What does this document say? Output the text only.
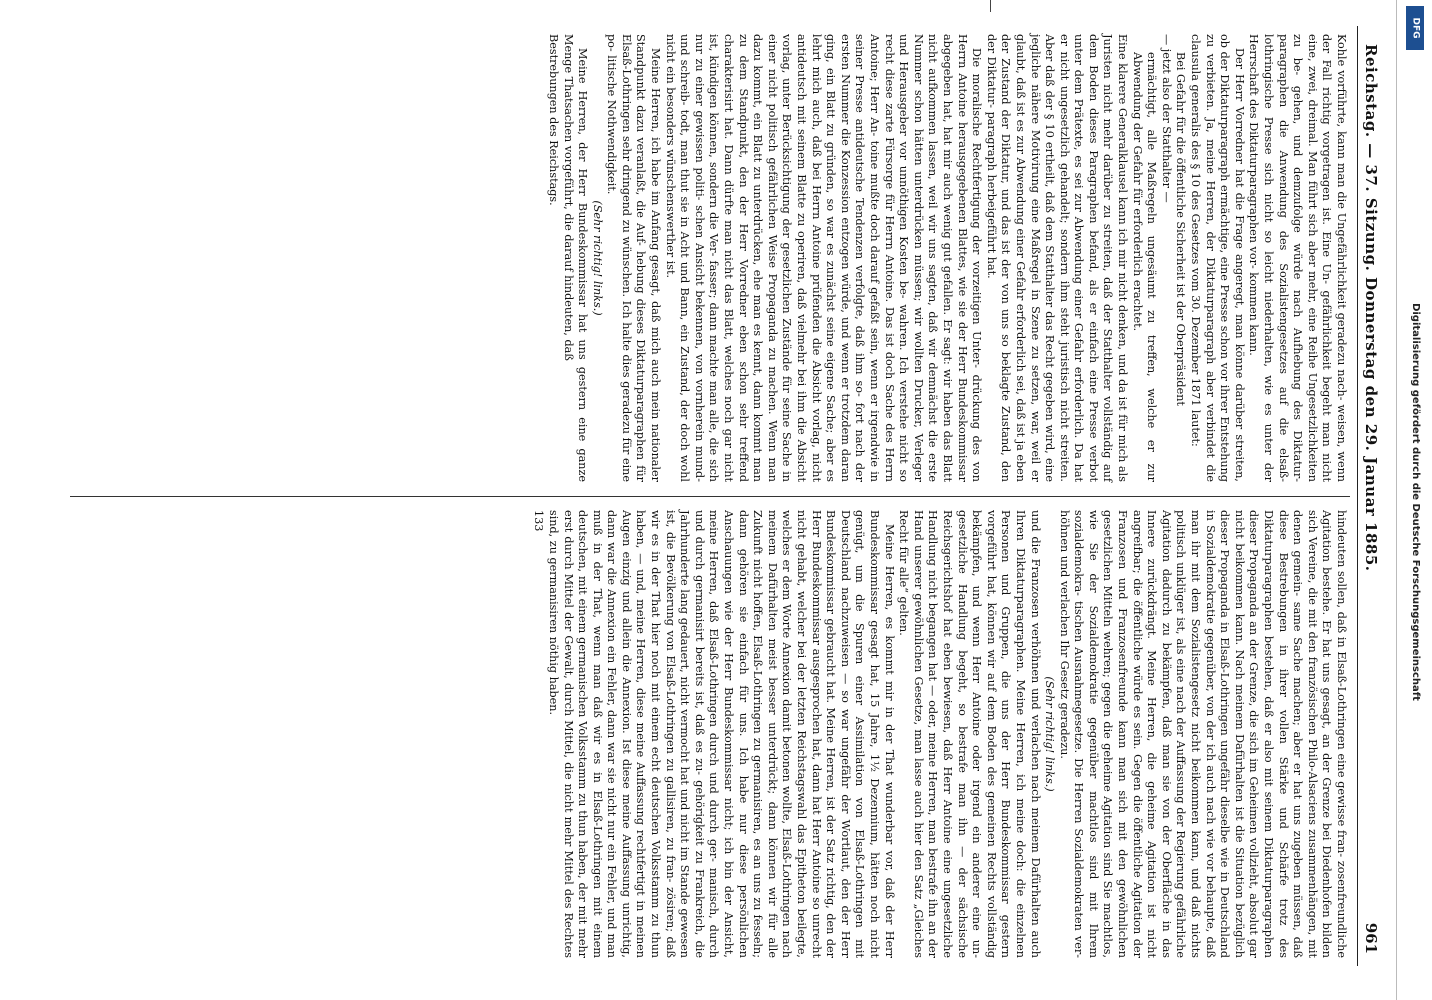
Reichstag. — 37. Sitzung. Donnerstag den 29. Januar 1885.
961

Kohle vorführte, kann man die Ungefährlichkeit geradezu nach- weisen, wenn der Fall richtig vorgetragen ist. Eine Un- gefährlichkeit begeht man nicht eine, zwei, dreimal. Man führt sich aber mehr, eine Reihe Ungesetzlichkeiten zu be- gehen, und demzufolge würde nach Aufhebung des Diktatur- paragraphen die Anwendung des Sozialistengesetzes auf die elsaß-lothringische Presse sich nicht so leicht niederhalten, wie es unter der Herrschaft des Diktaturparagraphen vor- kommen kann.

Der Herr Vorredner hat die Frage angeregt, man könne darüber streiten, ob der Diktaturparagraph ermächtige, eine Presse schon vor ihrer Entstehung zu verbieten. Ja, meine Herren, der Diktaturparagraph aber verbindet die clausula generalis des § 10 des Gesetzes vom 30. Dezember 1871 lautet:

Bei Gefahr für die öffentliche Sicherheit ist der Oberpräsident

— jetzt also der Statthalter —

ermächtigt, alle Maßregeln ungesäumt zu treffen, welche er zur Abwendung der Gefahr für erforderlich erachtet.

Eine klarere Generalklausel kann ich mir nicht denken, und da ist für mich als Juristen nicht mehr darüber zu streiten, daß der Statthalter vollständig auf dem Boden dieses Paragraphen befand, als er einfach eine Presse verbot unter dem Prätexte, es sei zur Abwendung einer Gefahr erforderlich. Da hat er nicht ungesetzlich gehandelt; sondern ihm steht juristisch nicht streiten. Aber daß der § 10 ertheilt, daß dem Statthalter das Recht gegeben wird, eine jegliche nähere Motivirung eine Maßregel in Szene zu setzen, war, weil er glaubt, daß ist es zur Abwendung einer Gefahr erforderlich sei, daß ist ja eben der Zustand der Diktatur, und das ist der von uns so beklagte Zustand, den der Diktatur- paragraph herbeigeführt hat.

Die moralische Rechtfertigung der vorzeitigen Unter- drückung des von Herrn Antoine herausgegebenen Blattes, wie sie der Herr Bundeskommissar abgegeben hat, hat mir auch wenig gut gefallen. Er sagt: wir haben das Blatt nicht aufkommen lassen, weil wir uns sagten, daß wir demnächst die erste Nummer schon hätten unterdrücken müssen; wir wollten Drucker, Verleger und Herausgeber vor unnöthigen Kosten be- wahren. Ich verstehe nicht so recht diese zarte Fürsorge für Herrn Antoine. Das ist doch Sache des Herrn Antoine; Herr An- toine mußte doch darauf gefaßt sein, wenn er irgendwie in seiner Presse antideutsche Tendenzen verfolgte, daß ihm so- fort nach der ersten Nummer die Konzession entzogen würde, und wenn er trotzdem daran ging, ein Blatt zu gründen, so war es zunächst seine eigene Sache; aber es lehrt mich auch, daß bei Herrn Antoine prüfenden die Absicht vorlag, nicht antideutsch mit seinem Blatte zu operiren, daß vielmehr bei ihm die Absicht vorlag, unter Berücksichtigung der gesetzlichen Zustände für seine Sache in einer nicht politisch gefährlichen Weise Propaganda zu machen. Wenn man dazu kommt, ein Blatt zu unterdrücken, ehe man es kennt, dann kommt man zu dem Standpunkt, den der Herr Vorredner eben schon sehr treffend charakterisirt hat. Dann dürfte man nicht das Blatt, welches noch gar nicht ist, kündigen können, sondern die Ver- fasser; dann machte man alle, die sich nur zu einer gewissen politi- schen Ansicht bekennen, von vornherein mund- und schreib- todt, man thut sie in Acht und Bann, ein Zustand, der doch wohl nicht ein besonders wünschenswerther ist.

Meine Herren, ich habe im Anfang gesagt, daß mich auch mein nationaler Standpunkt dazu veranlaßt, die Auf- hebung dieses Diktaturparagraphen für Elsaß-Lothringen sehr dringend zu wünschen. Ich halte dies geradezu für eine po- litische Nothwendigkeit.

(Sehr richtig! links.)

Meine Herren, der Herr Bundeskommissar hat uns gestern eine ganze Menge Thatsachen vorgeführt, die darauf hindeuten, daß

Bestrebungen des Reichstags.

hindeuten sollen, daß in Elsaß-Lothringen eine gewisse fran- zosenfreundliche Agitation bestehe. Er hat uns gesagt, an der Grenze bei Diedenhofen bilden sich Vereine, die mit den französischen Philo-Alsaciens zusammenhängen, mit denen gemein- same Sache machen; aber er hat uns zugeben müssen, daß diese Bestrebungen in ihrer vollen Stärke und Schärfe trotz des Diktaturparagraphen bestehen, daß er also mit seinem Diktaturparagraphen dieser Propaganda an der Grenze, die sich im Geheimen vollzieht, absolut gar nicht beikommen kann. Nach meinem Dafürhalten ist die Situation bezüglich dieser Propaganda in Elsaß-Lothringen ungefähr dieselbe wie in Deutschland in Sozialdemokratie gegenüber, von der ich auch nach wie vor behaupte, daß man ihr mit dem Sozialistengesetz nicht beikommen kann, und daß nichts politisch unklüger ist, als eine nach der Auffassung der Regierung gefährliche Agitation dadurch zu bekämpfen, daß man sie von der Oberfläche in das Innere zurückdrängt. Meine Herren, die geheime Agitation ist nicht angreifbar; die öffentliche würde es sein. Gegen die öffentliche Agitation der Franzosen und Franzosenfreunde kann man sich mit den gewöhnlichen gesetzlichen Mitteln wehren; gegen die geheime Agitation sind Sie machtlos, wie Sie der Sozialdemokratie gegenüber machtlos sind mit Ihrem sozialdemokra- tischen Ausnahmegesetze. Die Herren Sozialdemokraten ver- höhnen und verlachen Ihr Gesetz geradezu.

(Sehr richtig! links.)

und die Franzosen verhöhnen und verlachen nach meinem Dafürhalten auch Ihren Diktaturparagraphen. Meine Herren, ich meine doch: die einzelnen Personen und Gruppen, die uns der Herr Bundeskommissar gestern vorgeführt hat, können wir auf dem Boden des gemeinen Rechts vollständig bekämpfen, und wenn Herr Antoine oder irgend ein anderer eine un- gesetzliche Handlung begeht, so bestrafe man ihn — der sächsische Reichsgerichtshof hat eben bewiesen, daß Herr Antoine eine ungesetzliche Handlung nicht begangen hat — oder, meine Herren, man bestrafe ihn an der Hand unserer gewöhnlichen Gesetze, man lasse auch hier den Satz „Gleiches Recht für alle“ gelten.

Meine Herren, es kommt mir in der That wunderbar vor, daß der Herr Bundeskommissar gesagt hat, 15 Jahre, 1½ Dezennium, hätten noch nicht genügt, um die Spuren einer Assimilation von Elsaß-Lothringen mit Deutschland nachzuweisen — so war ungefähr der Wortlaut, den der Herr Bundeskommissar gebraucht hat. Meine Herren, ist der Satz richtig, den der Herr Bundeskommissar ausgesprochen hat, dann hat Herr Antoine so unrecht nicht gehabt, welcher bei der letzten Reichstagswahl das Epitheton beilegte, welches er dem Worte Annexion damit betonen wollte, Elsaß-Lothringen nach meinem Dafürhalten meist besser unterdrückt; dann können wir für alle Zukunft nicht hoffen, Elsaß-Lothringen zu germanisiren, es an uns zu fesseln; dann gehören sie einfach für uns. Ich habe nur diese persönlichen Anschauungen wie der Herr Bundeskommissar nicht; ich bin der Ansicht, meine Herren, daß Elsaß-Lothringen durch und durch ger- manisch, durch und durch germanisirt bereits ist, daß es zu- gehörigkeit zu Frankreich, die Jahrhunderte lang gedauert, nicht vermocht hat und nicht im Stande gewesen ist, die Bevölkerung von Elsaß-Lothringen zu gallisiren, zu fran- zösiren; daß wir es in der That hier noch mit einem echt deutschen Volksstamm zu thun haben, — und, meine Herren, diese meine Auffassung rechtfertigt in meinen Augen einzig und allein die Annexion. Ist diese meine Auffassung unrichtig, dann war die Annexion ein Fehler, dann war sie nicht nur ein Fehler, und man muß in der That, wenn man daß wir es in Elsaß-Lothringen mit einem deutschen, mit einem germanischen Volksstamm zu thun haben, der mit mehr erst durch Mittel der Gewalt, durch Mittel, die nicht mehr Mittel des Rechtes sind, zu germanisiren nöthig haben.

133

DFG
Digitalisierung gefördert durch die Deutsche Forschungsgemeinschaft
